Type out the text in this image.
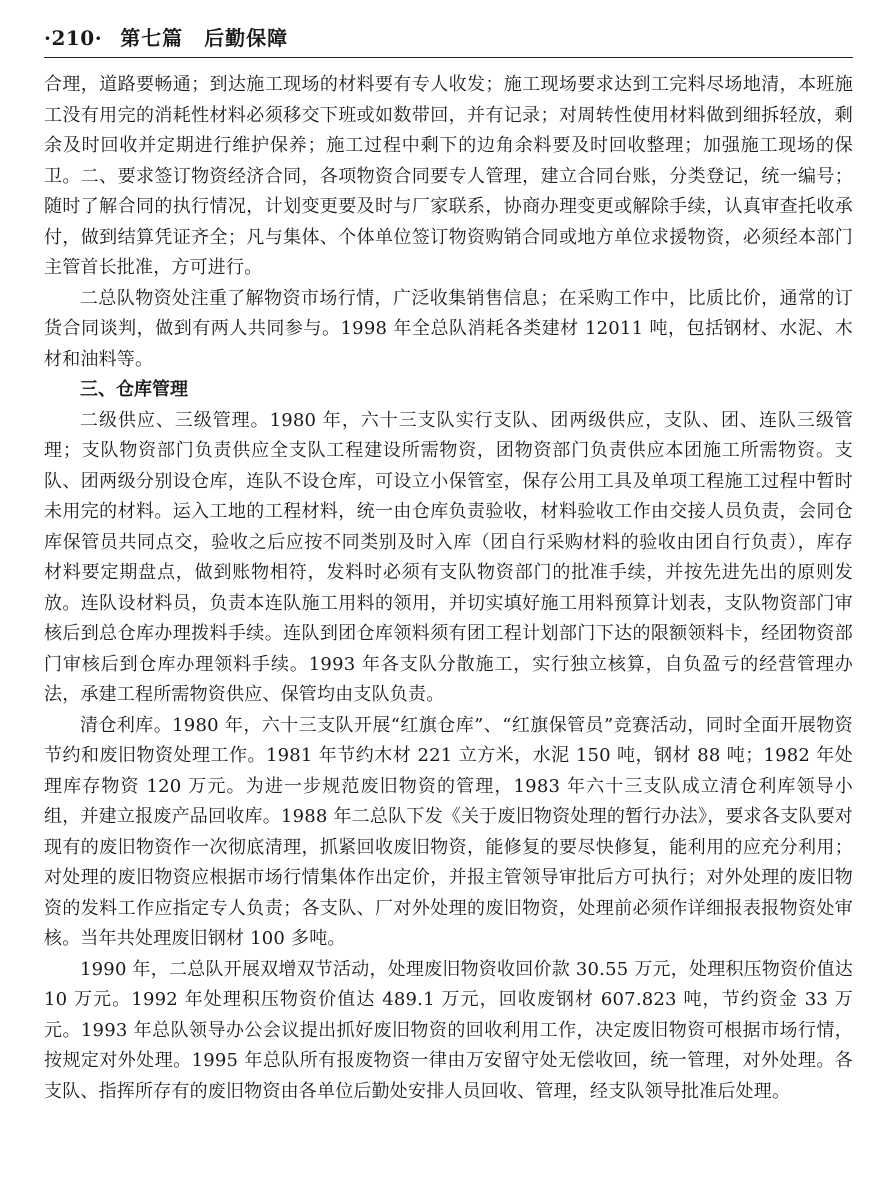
·210· 第七篇　后勤保障

合理，道路要畅通；到达施工现场的材料要有专人收发；施工现场要求达到工完料尽场地清，本班施工没有用完的消耗性材料必须移交下班或如数带回，并有记录；对周转性使用材料做到细拆轻放，剩余及时回收并定期进行维护保养；施工过程中剩下的边角余料要及时回收整理；加强施工现场的保卫。二、要求签订物资经济合同，各项物资合同要专人管理，建立合同台账，分类登记，统一编号；随时了解合同的执行情况，计划变更要及时与厂家联系，协商办理变更或解除手续，认真审查托收承付，做到结算凭证齐全；凡与集体、个体单位签订物资购销合同或地方单位求援物资，必须经本部门主管首长批准，方可进行。

二总队物资处注重了解物资市场行情，广泛收集销售信息；在采购工作中，比质比价，通常的订货合同谈判，做到有两人共同参与。1998 年全总队消耗各类建材 12011 吨，包括钢材、水泥、木材和油料等。

三、仓库管理

二级供应、三级管理。1980 年，六十三支队实行支队、团两级供应，支队、团、连队三级管理；支队物资部门负责供应全支队工程建设所需物资，团物资部门负责供应本团施工所需物资。支队、团两级分别设仓库，连队不设仓库，可设立小保管室，保存公用工具及单项工程施工过程中暂时未用完的材料。运入工地的工程材料，统一由仓库负责验收，材料验收工作由交接人员负责，会同仓库保管员共同点交，验收之后应按不同类别及时入库（团自行采购材料的验收由团自行负责），库存材料要定期盘点，做到账物相符，发料时必须有支队物资部门的批准手续，并按先进先出的原则发放。连队设材料员，负责本连队施工用料的领用，并切实填好施工用料预算计划表，支队物资部门审核后到总仓库办理拨料手续。连队到团仓库领料须有团工程计划部门下达的限额领料卡，经团物资部门审核后到仓库办理领料手续。1993 年各支队分散施工，实行独立核算，自负盈亏的经营管理办法，承建工程所需物资供应、保管均由支队负责。

清仓利库。1980 年，六十三支队开展“红旗仓库”、“红旗保管员”竞赛活动，同时全面开展物资节约和废旧物资处理工作。1981 年节约木材 221 立方米，水泥 150 吨，钢材 88 吨；1982 年处理库存物资 120 万元。为进一步规范废旧物资的管理，1983 年六十三支队成立清仓利库领导小组，并建立报废产品回收库。1988 年二总队下发《关于废旧物资处理的暂行办法》，要求各支队要对现有的废旧物资作一次彻底清理，抓紧回收废旧物资，能修复的要尽快修复，能利用的应充分利用；对处理的废旧物资应根据市场行情集体作出定价，并报主管领导审批后方可执行；对外处理的废旧物资的发料工作应指定专人负责；各支队、厂对外处理的废旧物资，处理前必须作详细报表报物资处审核。当年共处理废旧钢材 100 多吨。

1990 年，二总队开展双增双节活动，处理废旧物资收回价款 30.55 万元，处理积压物资价值达 10 万元。1992 年处理积压物资价值达 489.1 万元，回收废钢材 607.823 吨，节约资金 33 万元。1993 年总队领导办公会议提出抓好废旧物资的回收利用工作，决定废旧物资可根据市场行情，按规定对外处理。1995 年总队所有报废物资一律由万安留守处无偿收回，统一管理，对外处理。各支队、指挥所存有的废旧物资由各单位后勤处安排人员回收、管理，经支队领导批准后处理。
